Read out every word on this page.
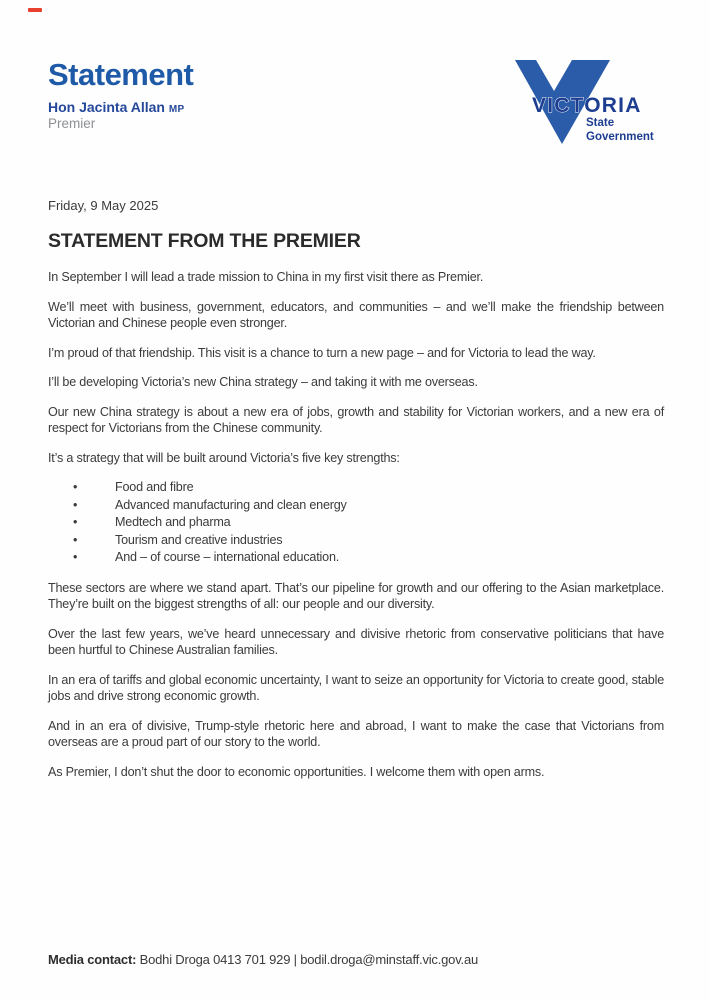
Statement
Hon Jacinta Allan MP
Premier
VICTORIA
State
Government
Friday, 9 May 2025
STATEMENT FROM THE PREMIER

In September I will lead a trade mission to China in my first visit there as Premier.

We’ll meet with business, government, educators, and communities – and we’ll make the friendship between Victorian and Chinese people even stronger.

I’m proud of that friendship. This visit is a chance to turn a new page – and for Victoria to lead the way.

I’ll be developing Victoria’s new China strategy – and taking it with me overseas.

Our new China strategy is about a new era of jobs, growth and stability for Victorian workers, and a new era of respect for Victorians from the Chinese community.

It’s a strategy that will be built around Victoria’s five key strengths:

•	Food and fibre
•	Advanced manufacturing and clean energy
•	Medtech and pharma
•	Tourism and creative industries
•	And – of course – international education.

These sectors are where we stand apart. That’s our pipeline for growth and our offering to the Asian marketplace. They’re built on the biggest strengths of all: our people and our diversity.

Over the last few years, we’ve heard unnecessary and divisive rhetoric from conservative politicians that have been hurtful to Chinese Australian families.

In an era of tariffs and global economic uncertainty, I want to seize an opportunity for Victoria to create good, stable jobs and drive strong economic growth.

And in an era of divisive, Trump-style rhetoric here and abroad, I want to make the case that Victorians from overseas are a proud part of our story to the world.

As Premier, I don’t shut the door to economic opportunities. I welcome them with open arms.

Media contact: Bodhi Droga 0413 701 929 | bodil.droga@minstaff.vic.gov.au
